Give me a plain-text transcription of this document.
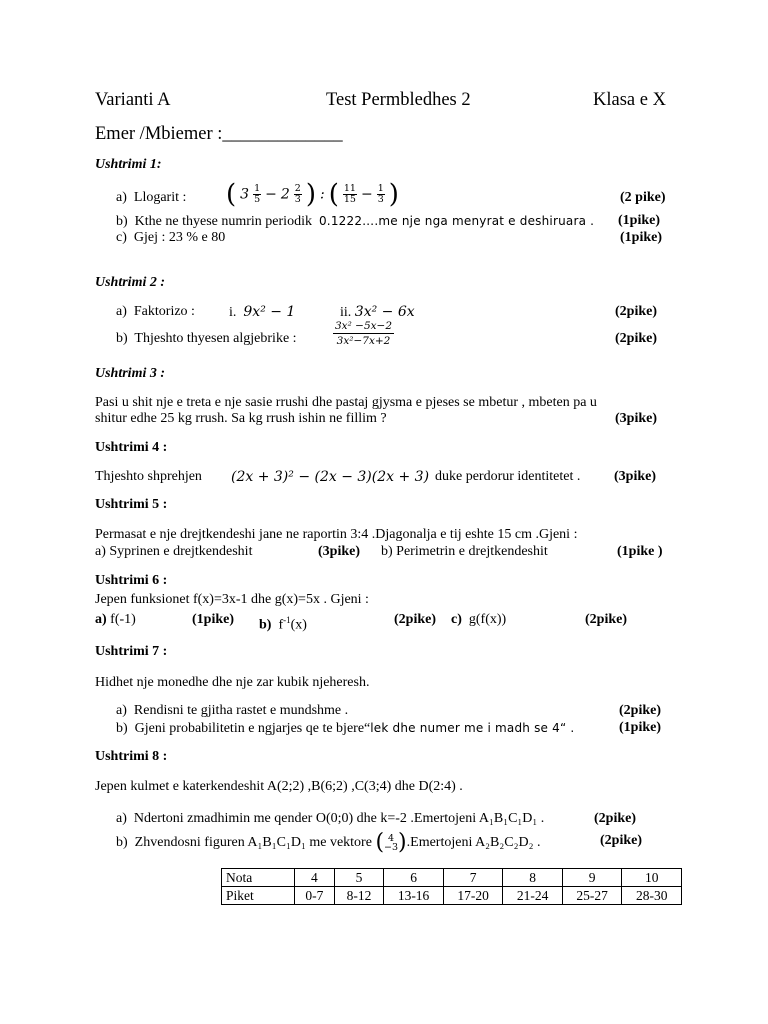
Varianti A	Test Permbledhes 2	Klasa e X
Emer /Mbiemer :_____________
Ushtrimi 1:
a) Llogarit : ( $3 \frac{1}{5} - 2 \frac{2}{3}$ ) : ( $\frac{11}{15} - \frac{1}{3}$ )	(2 pike)
b) Kthe ne thyese numrin periodik 0.1222….me nje nga menyrat e deshiruara . (1pike)
c) Gjej : 23 % e 80	(1pike)
Ushtrimi 2 :
a) Faktorizo : i. 9x² − 1	ii. 3x² − 6x	(2pike)
b) Thjeshto thyesen algjebrike :	$\frac{\text{3x² −5x−2}}{\text{3x²−7x+2}}$	(2pike)
Ushtrimi 3 :
Pasi u shit nje e treta e nje sasie rrushi dhe pastaj gjysma e pjeses se mbetur , mbeten pa u
shitur edhe 25 kg rrush. Sa kg rrush ishin ne fillim ?	(3pike)
Ushtrimi 4 :
Thjeshto shprehjen (2x + 3)² − (2x − 3)(2x + 3) duke perdorur identitetet . (3pike)
Ushtrimi 5 :
Permasat e nje drejtkendeshi jane ne raportin 3:4 .Djagonalja e tij eshte 15 cm .Gjeni :
a) Syprinen e drejtkendeshit	(3pike) b) Perimetrin e drejtkendeshit	(1pike )
Ushtrimi 6 :
Jepen funksionet f(x)=3x-1 dhe g(x)=5x . Gjeni :
a) f(-1)	(1pike) b) $f^{-1}(x)$	(2pike) c) g(f(x))	(2pike)
Ushtrimi 7 :
Hidhet nje monedhe dhe nje zar kubik njeheresh.
a) Rendisni te gjitha rastet e mundshme .	(2pike)
b) Gjeni probabilitetin e ngjarjes qe te bjere“lek dhe numer me i madh se 4“ .	(1pike)
Ushtrimi 8 :
Jepen kulmet e katerkendeshit A(2;2) ,B(6;2) ,C(3;4) dhe D(2:4) .
a) Ndertoni zmadhimin me qender O(0;0) dhe k=-2 .Emertojeni A₁B₁C₁D₁ .	(2pike)
b) Zhvendosni figuren A₁B₁C₁D₁ me vektore ( 4
−3 ).Emertojeni A₂B₂C₂D₂ .	(2pike)
Nota	4	5	6	7	8	9	10
Piket	0-7	8-12	13-16	17-20	21-24	25-27	28-30
